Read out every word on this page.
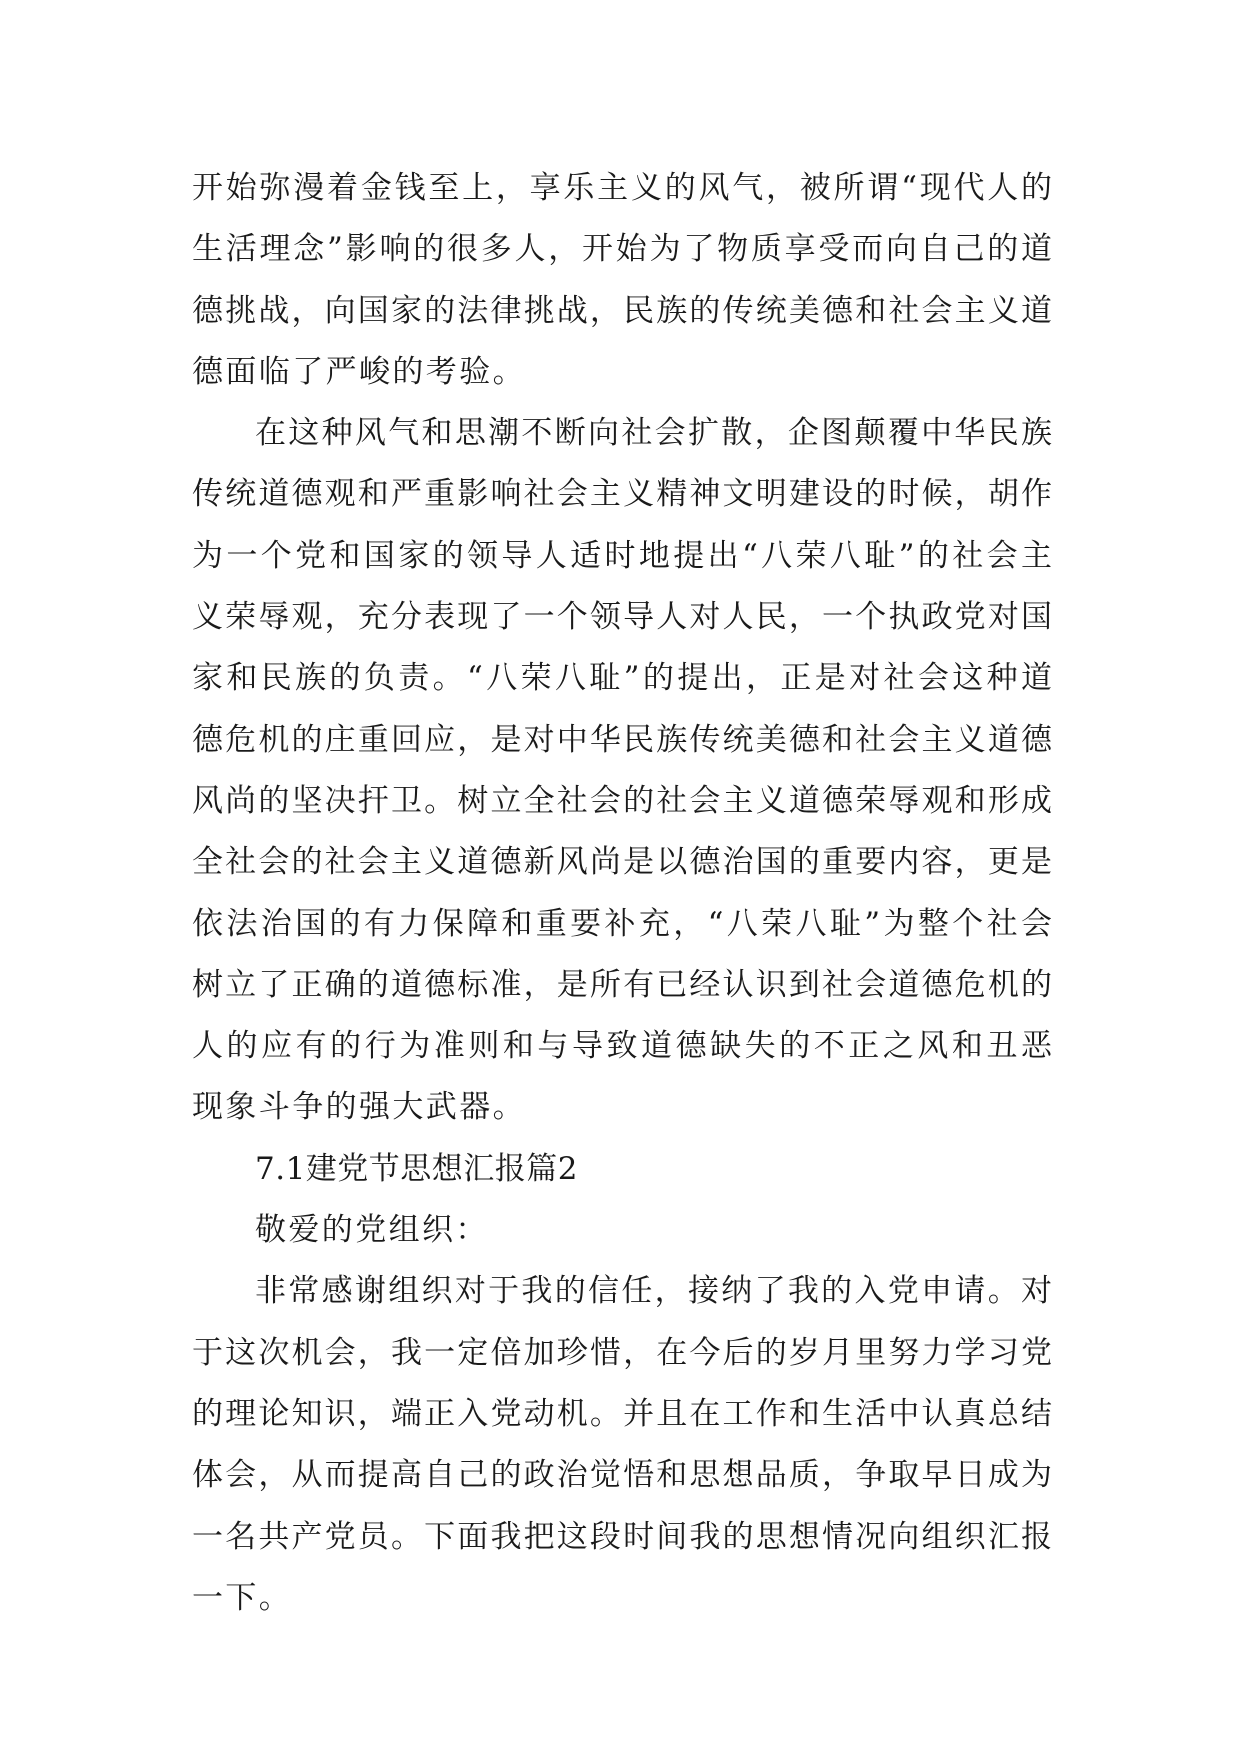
开始弥漫着金钱至上，享乐主义的风气，被所谓“现代人的
生活理念”影响的很多人，开始为了物质享受而向自己的道
德挑战，向国家的法律挑战，民族的传统美德和社会主义道
德面临了严峻的考验。
在这种风气和思潮不断向社会扩散，企图颠覆中华民族
传统道德观和严重影响社会主义精神文明建设的时候，胡作
为一个党和国家的领导人适时地提出“八荣八耻”的社会主
义荣辱观，充分表现了一个领导人对人民，一个执政党对国
家和民族的负责。“八荣八耻”的提出，正是对社会这种道
德危机的庄重回应，是对中华民族传统美德和社会主义道德
风尚的坚决扞卫。树立全社会的社会主义道德荣辱观和形成
全社会的社会主义道德新风尚是以德治国的重要内容，更是
依法治国的有力保障和重要补充，“八荣八耻”为整个社会
树立了正确的道德标准，是所有已经认识到社会道德危机的
人的应有的行为准则和与导致道德缺失的不正之风和丑恶
现象斗争的强大武器。
7.1建党节思想汇报篇2
敬爱的党组织：
非常感谢组织对于我的信任，接纳了我的入党申请。对
于这次机会，我一定倍加珍惜，在今后的岁月里努力学习党
的理论知识，端正入党动机。并且在工作和生活中认真总结
体会，从而提高自己的政治觉悟和思想品质，争取早日成为
一名共产党员。下面我把这段时间我的思想情况向组织汇报
一下。
